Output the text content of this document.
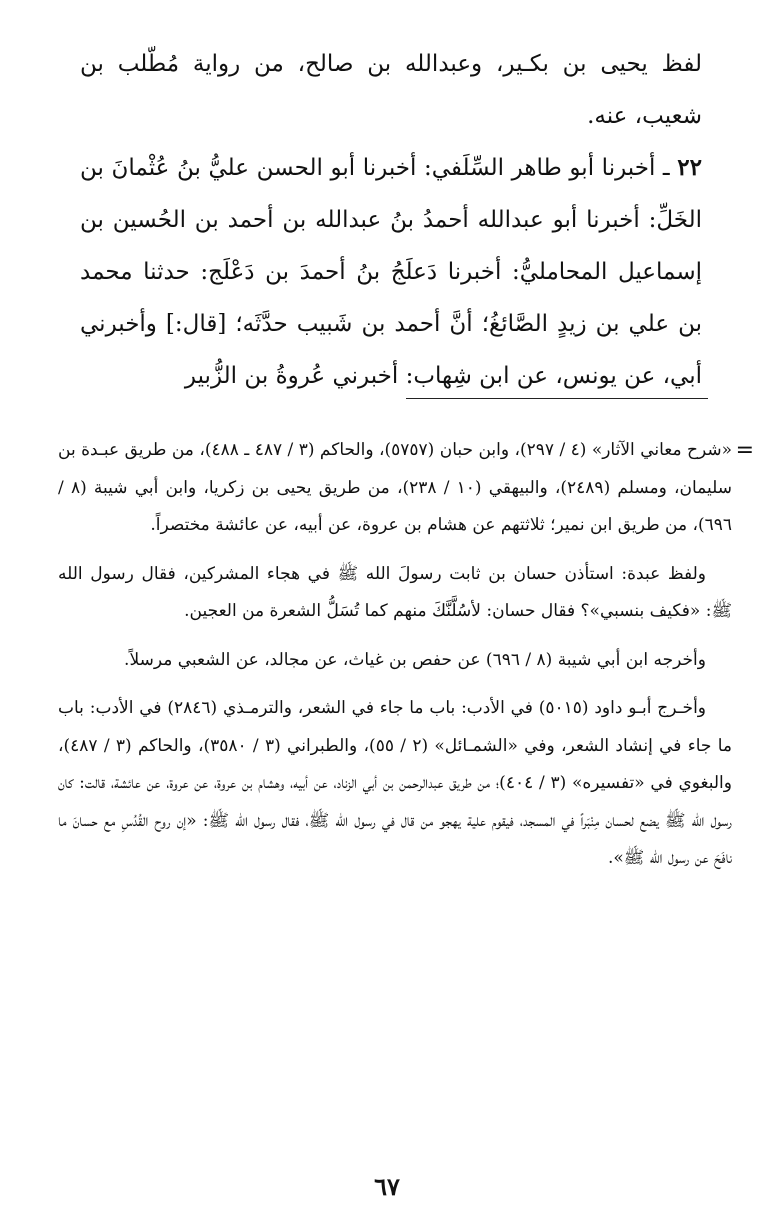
لفظ يحيى بن بكـير، وعبدالله بن صالح، من رواية مُطّلب بن شعيب، عنه.

٢٢ ـ أخبرنا أبو طاهر السِّلَفي: أخبرنا أبو الحسن عليُّ بنُ عُثْمانَ بن الخَلِّ: أخبرنا أبو عبدالله أحمدُ بنُ عبدالله بن أحمد بن الحُسين بن إسماعيل المحامليُّ: أخبرنا دَعلَجُ بنُ أحمدَ بن دَعْلَج: حدثنا محمد بن علي بن زيدٍ الصَّائغُ؛ أنَّ أحمد بن شَبيب حدَّثَه؛ [قال:] وأخبرني أبي، عن يونس، عن ابن شِهاب: أخبرني عُروةُ بن الزُّبير

=

«شرح معاني الآثار» (٤ / ٢٩٧)، وابن حبان (٥٧٥٧)، والحاكم (٣ / ٤٨٧ ـ ٤٨٨)، من طريق عبـدة بن سليمان، ومسلم (٢٤٨٩)، والبيهقي (١٠ / ٢٣٨)، من طريق يحيى بن زكريا، وابن أبي شيبة (٨ / ٦٩٦)، من طريق ابن نمير؛ ثلاثتهم عن هشام بن عروة، عن أبيه، عن عائشة مختصراً.

ولفظ عبدة: استأذن حسان بن ثابت رسولَ الله ﷺ في هجاء المشركين، فقال رسول الله ﷺ: «فكيف بنسبي»؟ فقال حسان: لأسُلَّنَّكَ منهم كما تُسَلُّ الشعرة من العجين.

وأخرجه ابن أبي شيبة (٨ / ٦٩٦) عن حفص بن غياث، عن مجالد، عن الشعبي مرسلاً.

وأخـرج أبـو داود (٥٠١٥) في الأدب: باب ما جاء في الشعر، والترمـذي (٢٨٤٦) في الأدب: باب ما جاء في إنشاد الشعر، وفي «الشمـائل» (٢ / ٥٥)، والطبراني (٣ / ٣٥٨٠)، والحاكم (٣ / ٤٨٧)، والبغوي في «تفسيره» (٣ / ٤٠٤)؛ من طريق عبدالرحمن بن أبي الزناد، عن أبيه، وهشام بن عروة، عن عروة، عن عائشة، قالت: كان رسول الله ﷺ يضع لحسان مِنْبَراً في المسجد، فيقوم علية يهجو من قال في رسول الله ﷺ، فقال رسول الله ﷺ: «إن روح القُدُسِ مع حسانَ ما نافَحَ عن رسول الله ﷺ».

٦٧
